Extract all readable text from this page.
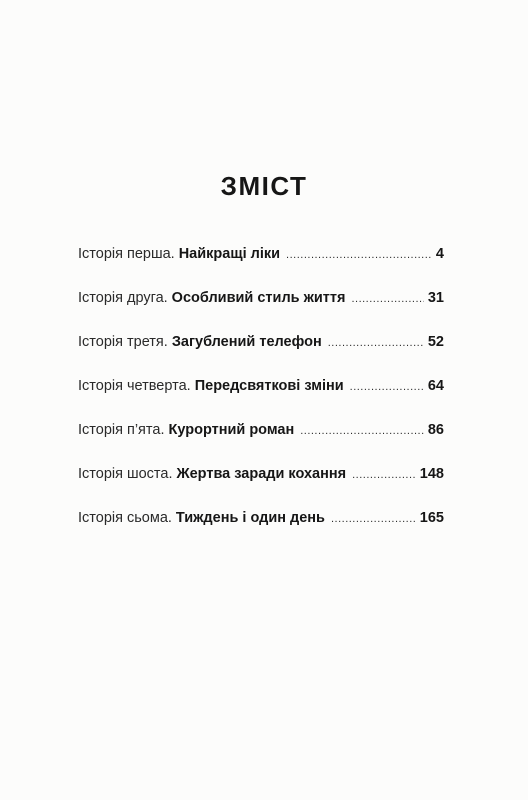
ЗМІСТ
Історія перша . Найкращі ліки .....	4
Історія друга . Особливий стиль життя .....	31
Історія третя . Загублений телефон .....	52
Історія четверта . Передсвяткові зміни .....	64
Історія п’ята . Курортний роман .....	86
Історія шоста . Жертва заради кохання .....	148
Історія сьома . Тиждень і один день .....	165
